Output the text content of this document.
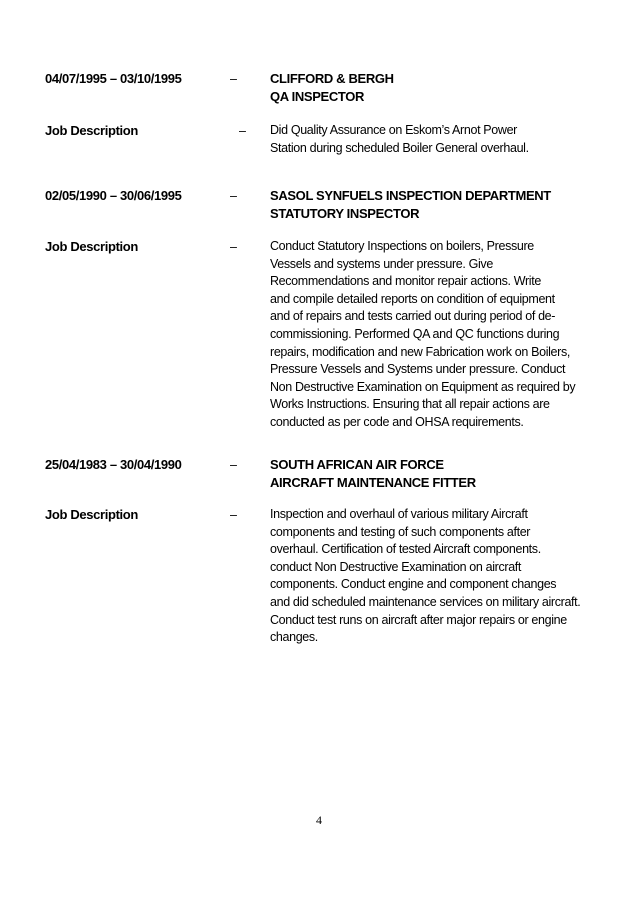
04/07/1995 – 03/10/1995	–	CLIFFORD & BERGH
QA INSPECTOR
Job Description	– Did Quality Assurance on Eskom’s Arnot Power
Station during scheduled Boiler General overhaul.
02/05/1990 – 30/06/1995	–	SASOL SYNFUELS INSPECTION DEPARTMENT
STATUTORY INSPECTOR
Job Description	–	Conduct Statutory Inspections on boilers, Pressure
Vessels and systems under pressure. Give
Recommendations and monitor repair actions. Write
and compile detailed reports on condition of equipment
and of repairs and tests carried out during period of de-
commissioning. Performed QA and QC functions during
repairs, modification and new Fabrication work on Boilers,
Pressure Vessels and Systems under pressure. Conduct
Non Destructive Examination on Equipment as required by
Works Instructions. Ensuring that all repair actions are
conducted as per code and OHSA requirements.
25/04/1983 – 30/04/1990	–	SOUTH AFRICAN AIR FORCE
AIRCRAFT MAINTENANCE FITTER
Job Description	–	Inspection and overhaul of various military Aircraft
components and testing of such components after
overhaul. Certification of tested Aircraft components.
conduct Non Destructive Examination on aircraft
components. Conduct engine and component changes
and did scheduled maintenance services on military aircraft.
Conduct test runs on aircraft after major repairs or engine
changes.
4
